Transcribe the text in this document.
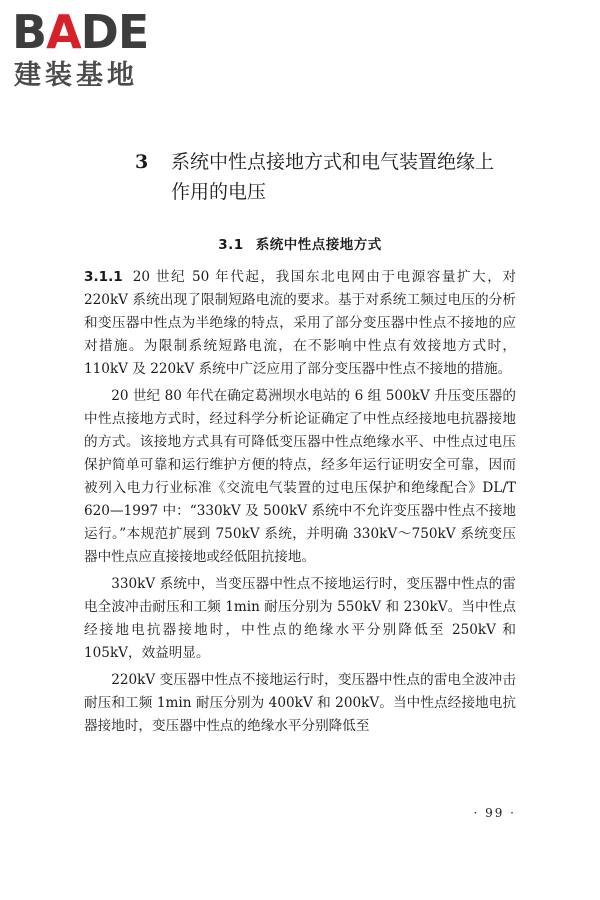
BADE
建装基地
3 系统中性点接地方式和电气装置绝缘上作用的电压
3.1 系统中性点接地方式

3.1.1 20 世纪 50 年代起，我国东北电网由于电源容量扩大，对 220kV 系统出现了限制短路电流的要求。基于对系统工频过电压的分析和变压器中性点为半绝缘的特点，采用了部分变压器中性点不接地的应对措施。为限制系统短路电流，在不影响中性点有效接地方式时，110kV 及 220kV 系统中广泛应用了部分变压器中性点不接地的措施。

20 世纪 80 年代在确定葛洲坝水电站的 6 组 500kV 升压变压器的中性点接地方式时，经过科学分析论证确定了中性点经接地电抗器接地的方式。该接地方式具有可降低变压器中性点绝缘水平、中性点过电压保护简单可靠和运行维护方便的特点，经多年运行证明安全可靠，因而被列入电力行业标准《交流电气装置的过电压保护和绝缘配合》DL/T 620—1997 中：“330kV 及 500kV 系统中不允许变压器中性点不接地运行。”本规范扩展到 750kV 系统，并明确 330kV～750kV 系统变压器中性点应直接接地或经低阻抗接地。

330kV 系统中，当变压器中性点不接地运行时，变压器中性点的雷电全波冲击耐压和工频 1min 耐压分别为 550kV 和 230kV。当中性点经接地电抗器接地时，中性点的绝缘水平分别降低至 250kV 和 105kV，效益明显。

220kV 变压器中性点不接地运行时，变压器中性点的雷电全波冲击耐压和工频 1min 耐压分别为 400kV 和 200kV。当中性点经接地电抗器接地时，变压器中性点的绝缘水平分别降低至

· 99 ·
